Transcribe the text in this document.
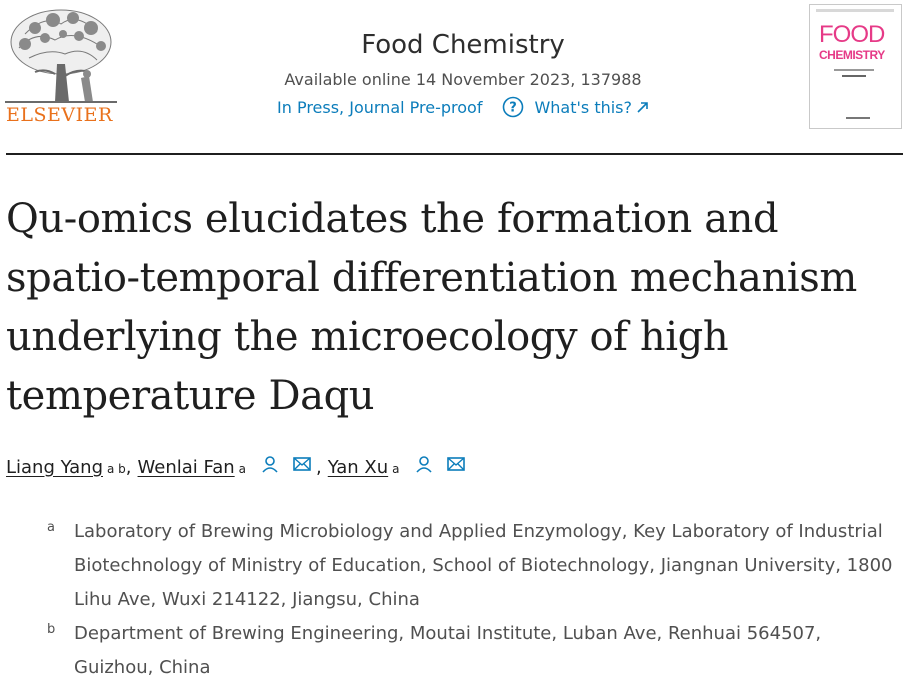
ELSEVIER
Food Chemistry
Available online 14 November 2023, 137988
In Press, Journal Pre-proof ? What's this?
FOOD
CHEMISTRY
Qu-omics elucidates the formation and spatio-temporal differentiation mechanism underlying the microecology of high temperature Daqu
Liang Yang a b , Wenlai Fan a	, Yan Xu a
a Laboratory of Brewing Microbiology and Applied Enzymology, Key Laboratory of Industrial Biotechnology of Ministry of Education, School of Biotechnology, Jiangnan University, 1800 Lihu Ave, Wuxi 214122, Jiangsu, China
b Department of Brewing Engineering, Moutai Institute, Luban Ave, Renhuai 564507, Guizhou, China
